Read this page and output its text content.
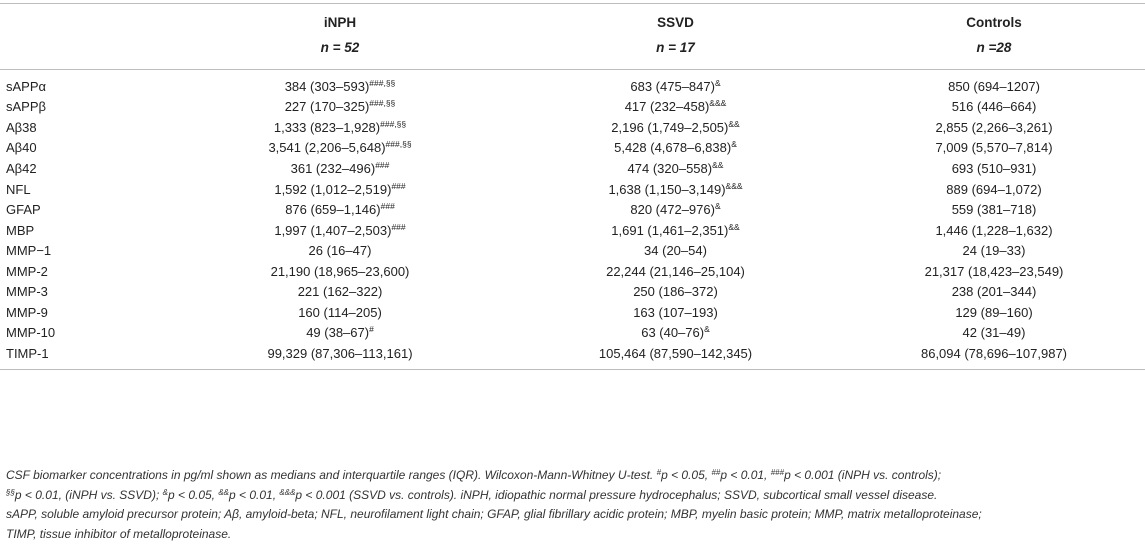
	iNPH	SSVD	Controls
	n = 52	n = 17	n =28
sAPPα	384 (303–593)###,§§	683 (475–847)&	850 (694–1207)
sAPPβ	227 (170–325)###,§§	417 (232–458)&&&	516 (446–664)
Aβ38	1,333 (823–1,928)###,§§	2,196 (1,749–2,505)&&	2,855 (2,266–3,261)
Aβ40	3,541 (2,206–5,648)###,§§	5,428 (4,678–6,838)&	7,009 (5,570–7,814)
Aβ42	361 (232–496)###	474 (320–558)&&	693 (510–931)
NFL	1,592 (1,012–2,519)###	1,638 (1,150–3,149)&&&	889 (694–1,072)
GFAP	876 (659–1,146)###	820 (472–976)&	559 (381–718)
MBP	1,997 (1,407–2,503)###	1,691 (1,461–2,351)&&	1,446 (1,228–1,632)
MMP−1	26 (16–47)	34 (20–54)	24 (19–33)
MMP-2	21,190 (18,965–23,600)	22,244 (21,146–25,104)	21,317 (18,423–23,549)
MMP-3	221 (162–322)	250 (186–372)	238 (201–344)
MMP-9	160 (114–205)	163 (107–193)	129 (89–160)
MMP-10	49 (38–67)#	63 (40–76)&	42 (31–49)
TIMP-1	99,329 (87,306–113,161)	105,464 (87,590–142,345)	86,094 (78,696–107,987)
CSF biomarker concentrations in pg/ml shown as medians and interquartile ranges (IQR). Wilcoxon-Mann-Whitney U-test. #p < 0.05, ##p < 0.01, ###p < 0.001 (iNPH vs. controls);
§§p < 0.01, (iNPH vs. SSVD); &p < 0.05, &&p < 0.01, &&&p < 0.001 (SSVD vs. controls). iNPH, idiopathic normal pressure hydrocephalus; SSVD, subcortical small vessel disease.
sAPP, soluble amyloid precursor protein; Aβ, amyloid-beta; NFL, neurofilament light chain; GFAP, glial fibrillary acidic protein; MBP, myelin basic protein; MMP, matrix metalloproteinase;
TIMP, tissue inhibitor of metalloproteinase.
